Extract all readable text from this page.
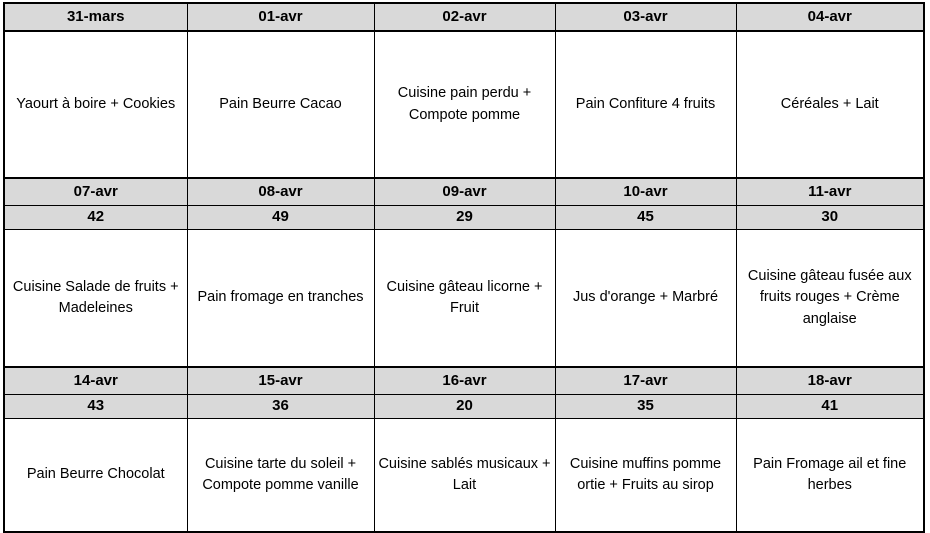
31-mars	01-avr	02-avr	03-avr	04-avr
Yaourt à boire + Cookies	Pain Beurre Cacao	Cuisine pain perdu + Compote pomme	Pain Confiture 4 fruits	Céréales + Lait
07-avr	08-avr	09-avr	10-avr	11-avr
42	49	29	45	30
Cuisine Salade de fruits + Madeleines	Pain fromage en tranches	Cuisine gâteau licorne + Fruit	Jus d'orange + Marbré	Cuisine gâteau fusée aux fruits rouges + Crème anglaise
14-avr	15-avr	16-avr	17-avr	18-avr
43	36	20	35	41
Pain Beurre Chocolat	Cuisine tarte du soleil + Compote pomme vanille	Cuisine sablés musicaux + Lait	Cuisine muffins pomme ortie + Fruits au sirop	Pain Fromage ail et fine herbes
